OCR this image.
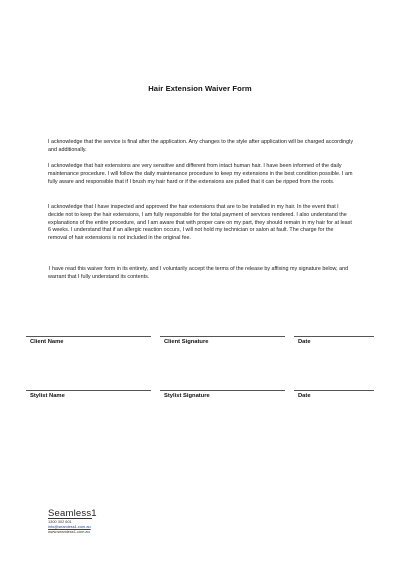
Hair Extension Waiver Form
I acknowledge that the service is final after the application. Any changes to the style after application will be charged accordingly and additionally.
I acknowledge that hair extensions are very sensitive and different from intact human hair. I have been informed of the daily maintenance procedure. I will follow the daily maintenance procedure to keep my extensions in the best condition possible. I am fully aware and responsible that if I brush my hair hard or if the extensions are pulled that it can be ripped from the roots.
I acknowledge that I have inspected and approved the hair extensions that are to be installed in my hair. In the event that I decide not to keep the hair extensions, I am fully responsible for the total payment of services rendered. I also understand the explanations of the entire procedure, and I am aware that with proper care on my part, they should remain in my hair for at least 6 weeks. I understand that if an allergic reaction occurs, I will not hold my technician or salon at fault. The charge for the removal of hair extensions is not included in the original fee.
I have read this waiver form in its entirety, and I voluntarily accept the terms of the release by affixing my signature below, and warrant that I fully understand its contents.
Client Name	Client Signature	Date
Stylist Name	Stylist Signature	Date
Seamless1
1300 302 601
info@seamless1.com.au
www.seamless1.com.au
